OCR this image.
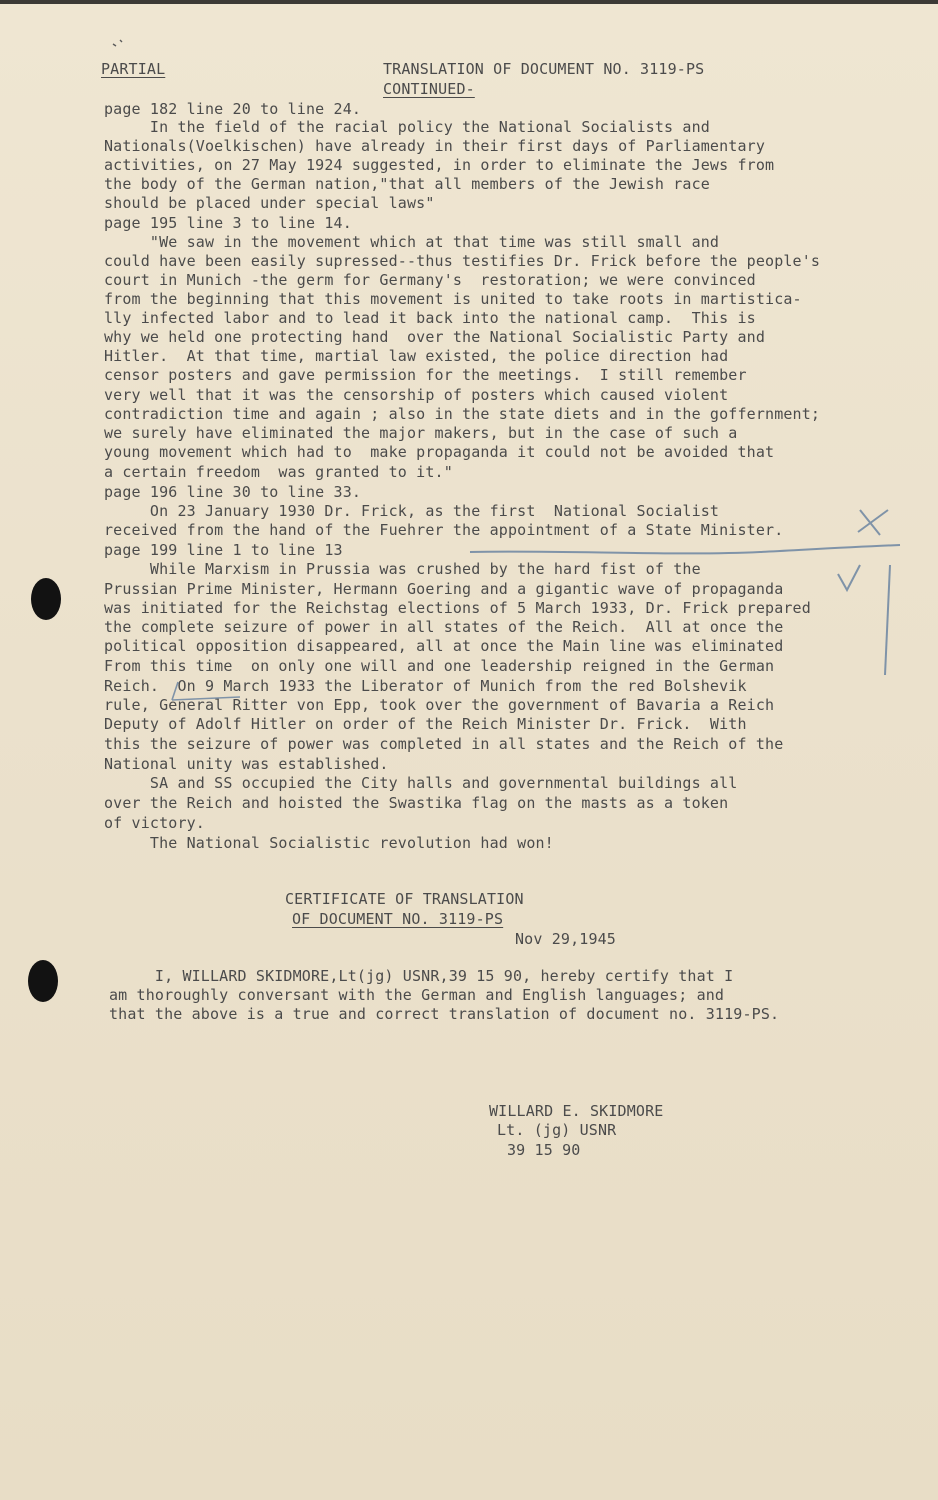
PARTIAL	TRANSLATION OF DOCUMENT NO. 3119-PS
CONTINUED-
page 182 line 20 to line 24.
In the field of the racial policy the National Socialists and
Nationals(Voelkischen) have already in their first days of Parliamentary
activities, on 27 May 1924 suggested, in order to eliminate the Jews from
the body of the German nation,"that all members of the Jewish race
should be placed under special laws"
page 195 line 3 to line 14.
"We saw in the movement which at that time was still small and
could have been easily supressed--thus testifies Dr. Frick before the people's
court in Munich -the germ for Germany's  restoration; we were convinced
from the beginning that this movement is united to take roots in martistica-
lly infected labor and to lead it back into the national camp.  This is
why we held one protecting hand  over the National Socialistic Party and
Hitler.  At that time, martial law existed, the police direction had
censor posters and gave permission for the meetings.  I still remember
very well that it was the censorship of posters which caused violent
contradiction time and again ; also in the state diets and in the goffernment;
we surely have eliminated the major makers, but in the case of such a
young movement which had to  make propaganda it could not be avoided that
a certain freedom  was granted to it."
page 196 line 30 to line 33.
On 23 January 1930 Dr. Frick, as the first  National Socialist
received from the hand of the Fuehrer the appointment of a State Minister.
page 199 line 1 to line 13
While Marxism in Prussia was crushed by the hard fist of the
Prussian Prime Minister, Hermann Goering and a gigantic wave of propaganda
was initiated for the Reichstag elections of 5 March 1933, Dr. Frick prepared
the complete seizure of power in all states of the Reich.  All at once the
political opposition disappeared, all at once the Main line was eliminated
From this time  on only one will and one leadership reigned in the German
Reich.  On 9 March 1933 the Liberator of Munich from the red Bolshevik
rule, General Ritter von Epp, took over the government of Bavaria a Reich
Deputy of Adolf Hitler on order of the Reich Minister Dr. Frick.  With
this the seizure of power was completed in all states and the Reich of the
National unity was established.
SA and SS occupied the City halls and governmental buildings all
over the Reich and hoisted the Swastika flag on the masts as a token
of victory.
The National Socialistic revolution had won!
CERTIFICATE OF TRANSLATION
OF DOCUMENT NO. 3119-PS
Nov 29,1945
I, WILLARD SKIDMORE,Lt(jg) USNR,39 15 90, hereby certify that I
am thoroughly conversant with the German and English languages; and
that the above is a true and correct translation of document no. 3119-PS.
WILLARD E. SKIDMORE
Lt. (jg) USNR
39 15 90
